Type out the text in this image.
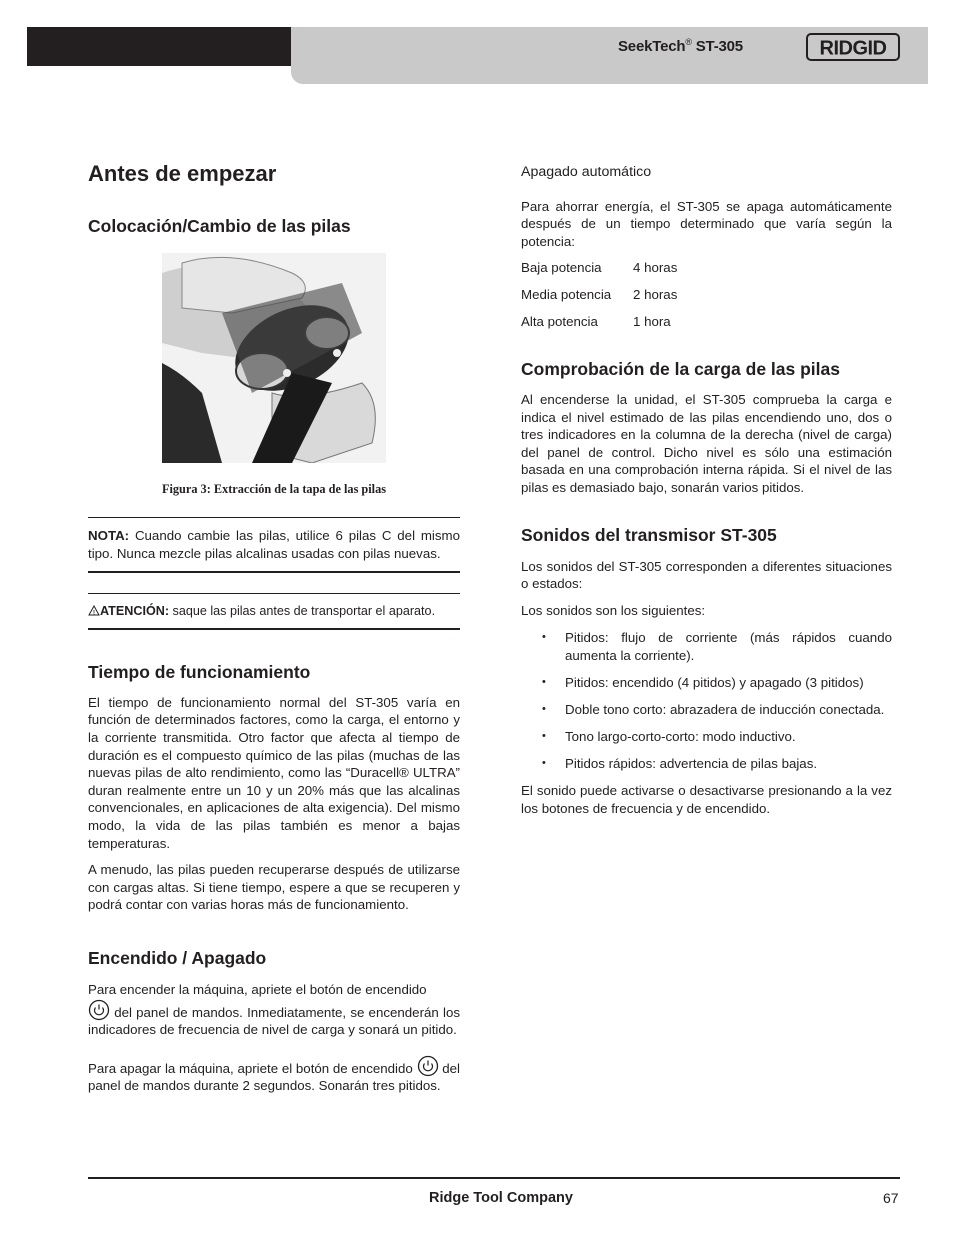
SeekTech® ST-305	RIDGID
Antes de empezar
Colocación/Cambio de las pilas
Figura 3: Extracción de la tapa de las pilas

NOTA: Cuando cambie las pilas, utilice 6 pilas C del mismo tipo. Nunca mezcle pilas alcalinas usadas con pilas nuevas.

! ATENCIÓN: saque las pilas antes de transportar el aparato.

Tiempo de funcionamiento

El tiempo de funcionamiento normal del ST-305 varía en función de determinados factores, como la carga, el entorno y la corriente transmitida. Otro factor que afecta al tiempo de duración es el compuesto químico de las pilas (muchas de las nuevas pilas de alto rendimiento, como las “Duracell® ULTRA” duran realmente entre un 10 y un 20% más que las alcalinas convencionales, en aplicaciones de alta exigencia). Del mismo modo, la vida de las pilas también es menor a bajas temperaturas.

A menudo, las pilas pueden recuperarse después de utilizarse con cargas altas. Si tiene tiempo, espere a que se recuperen y podrá contar con varias horas más de funcionamiento.

Encendido / Apagado

Para encender la máquina, apriete el botón de encendido
del panel de mandos. Inmediatamente, se encenderán los indicadores de frecuencia de nivel de carga y sonará un pitido.

Para apagar la máquina, apriete el botón de encendido  del panel de mandos durante 2 segundos. Sonarán tres pitidos.

Apagado automático

Para ahorrar energía, el ST-305 se apaga automáticamente después de un tiempo determinado que varía según la potencia:

Baja potencia	4 horas
Media potencia	2 horas
Alta potencia	1 hora
Comprobación de la carga de las pilas

Al encenderse la unidad, el ST-305 comprueba la carga e indica el nivel estimado de las pilas encendiendo uno, dos o tres indicadores en la columna de la derecha (nivel de carga) del panel de control. Dicho nivel es sólo una estimación basada en una comprobación interna rápida. Si el nivel de las pilas es demasiado bajo, sonarán varios pitidos.

Sonidos del transmisor ST-305

Los sonidos del ST-305 corresponden a diferentes situaciones o estados:

Los sonidos son los siguientes:

• Pitidos: flujo de corriente (más rápidos cuando aumenta la corriente).
• Pitidos: encendido (4 pitidos) y apagado (3 pitidos)
• Doble tono corto: abrazadera de inducción conectada.
• Tono largo-corto-corto: modo inductivo.
• Pitidos rápidos: advertencia de pilas bajas.

El sonido puede activarse o desactivarse presionando a la vez los botones de frecuencia y de encendido.

Ridge Tool Company	67
